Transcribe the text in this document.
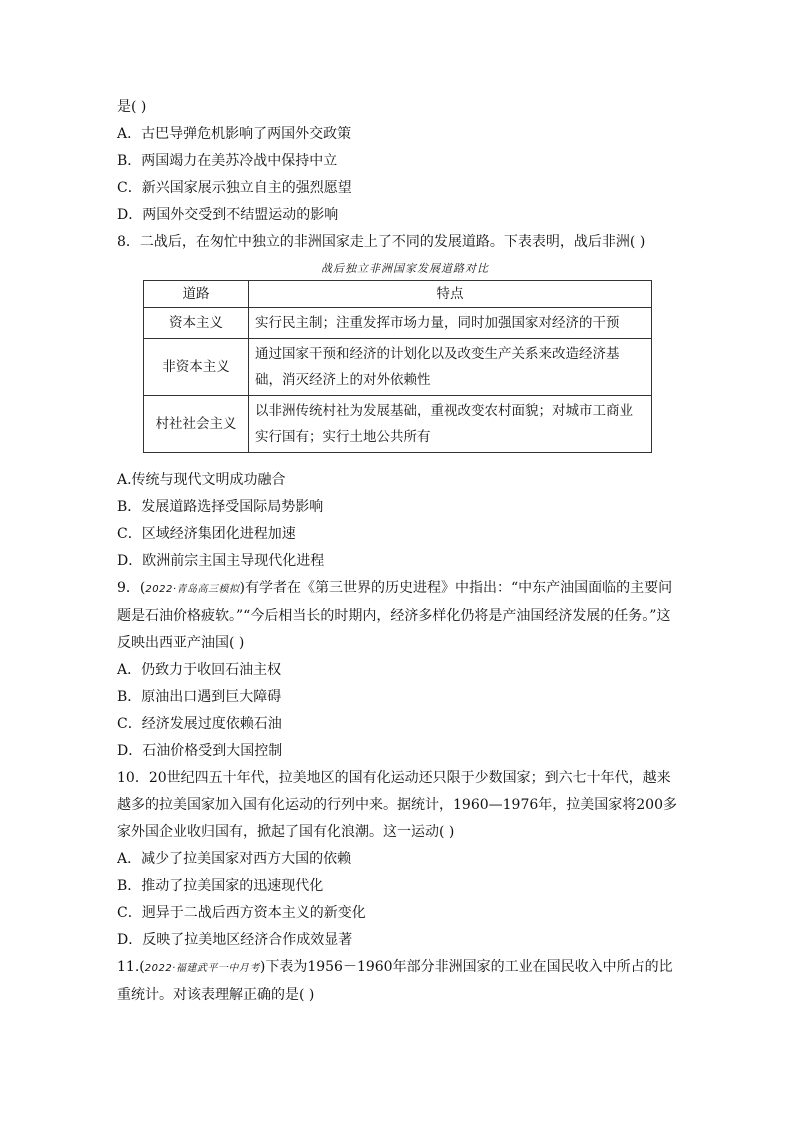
是( )
A．古巴导弹危机影响了两国外交政策
B．两国竭力在美苏冷战中保持中立
C．新兴国家展示独立自主的强烈愿望
D．两国外交受到不结盟运动的影响
8．二战后，在匆忙中独立的非洲国家走上了不同的发展道路。下表表明，战后非洲( )
战后独立非洲国家发展道路对比
道路	特点
资本主义	实行民主制；注重发挥市场力量，同时加强国家对经济的干预
非资本主义	通过国家干预和经济的计划化以及改变生产关系来改造经济基础，消灭经济上的对外依赖性
村社社会主义	以非洲传统村社为发展基础，重视改变农村面貌；对城市工商业实行国有；实行土地公共所有
A.传统与现代文明成功融合
B．发展道路选择受国际局势影响
C．区域经济集团化进程加速
D．欧洲前宗主国主导现代化进程
9．(2022·青岛高三模拟)有学者在《第三世界的历史进程》中指出：“中东产油国面临的主要问题是石油价格疲软。”“今后相当长的时期内，经济多样化仍将是产油国经济发展的任务。”这反映出西亚产油国( )
A．仍致力于收回石油主权
B．原油出口遇到巨大障碍
C．经济发展过度依赖石油
D．石油价格受到大国控制
10．20世纪四五十年代，拉美地区的国有化运动还只限于少数国家；到六七十年代，越来越多的拉美国家加入国有化运动的行列中来。据统计，1960—1976年，拉美国家将200多家外国企业收归国有，掀起了国有化浪潮。这一运动( )
A．减少了拉美国家对西方大国的依赖
B．推动了拉美国家的迅速现代化
C．迥异于二战后西方资本主义的新变化
D．反映了拉美地区经济合作成效显著
11.(2022·福建武平一中月考)下表为1956－1960年部分非洲国家的工业在国民收入中所占的比重统计。对该表理解正确的是( )
